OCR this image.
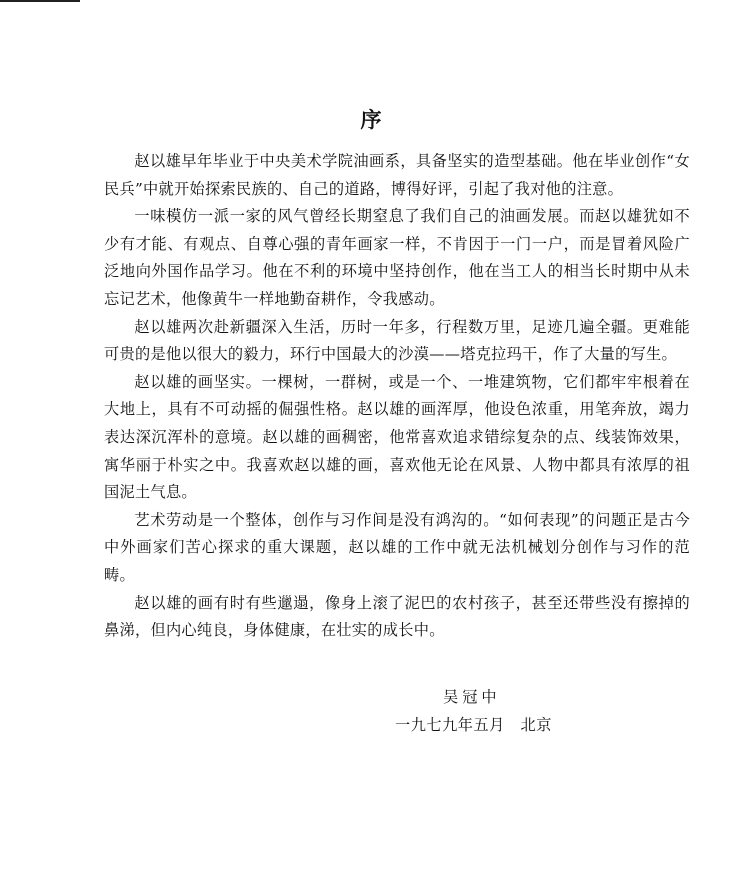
序

赵以雄早年毕业于中央美术学院油画系，具备坚实的造型基础。他在毕业创作“女民兵”中就开始探索民族的、自己的道路，博得好评，引起了我对他的注意。

一味模仿一派一家的风气曾经长期窒息了我们自己的油画发展。而赵以雄犹如不少有才能、有观点、自尊心强的青年画家一样，不肯因于一门一户，而是冒着风险广泛地向外国作品学习。他在不利的环境中坚持创作，他在当工人的相当长时期中从未忘记艺术，他像黄牛一样地勤奋耕作，令我感动。

赵以雄两次赴新疆深入生活，历时一年多，行程数万里，足迹几遍全疆。更难能可贵的是他以很大的毅力，环行中国最大的沙漠——塔克拉玛干，作了大量的写生。

赵以雄的画坚实。一棵树，一群树，或是一个、一堆建筑物，它们都牢牢根着在大地上，具有不可动摇的倔强性格。赵以雄的画浑厚，他设色浓重，用笔奔放，竭力表达深沉浑朴的意境。赵以雄的画稠密，他常喜欢追求错综复杂的点、线装饰效果，寓华丽于朴实之中。我喜欢赵以雄的画，喜欢他无论在风景、人物中都具有浓厚的祖国泥土气息。

艺术劳动是一个整体，创作与习作间是没有鸿沟的。“如何表现”的问题正是古今中外画家们苦心探求的重大课题，赵以雄的工作中就无法机械划分创作与习作的范畴。

赵以雄的画有时有些邋遢，像身上滚了泥巴的农村孩子，甚至还带些没有擦掉的鼻涕，但内心纯良，身体健康，在壮实的成长中。

吴冠中
一九七九年五月　北京
